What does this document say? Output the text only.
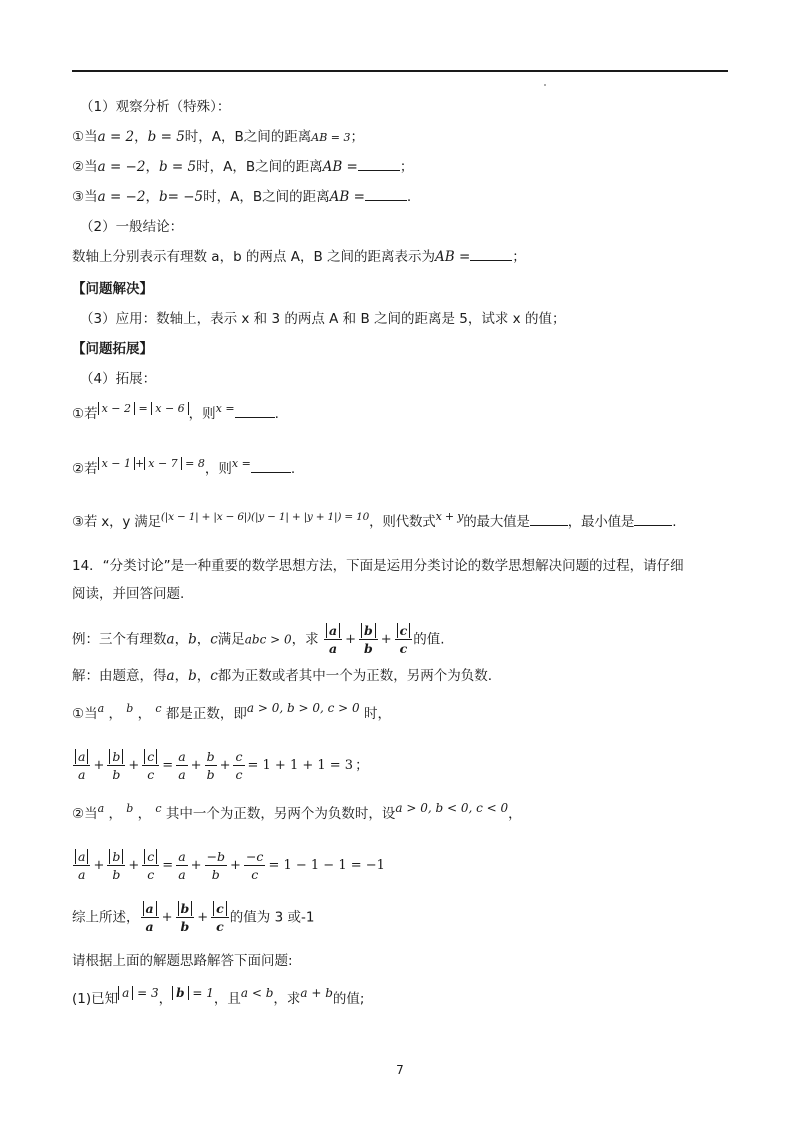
（1）观察分析（特殊）：
①当a = 2，b = 5时，A，B之间的距离AB = 3；
②当a = −2，b = 5时，A，B之间的距离AB =	；
③当a = −2，b= −5时，A，B之间的距离AB =	.
（2）一般结论：
数轴上分别表示有理数 a，b 的两点 A，B 之间的距离表示为AB =	；
【问题解决】
（3）应用：数轴上，表示 x 和 3 的两点 A 和 B 之间的距离是 5，试求 x 的值；
【问题拓展】
（4）拓展：
①若 $^{x - 2 = x - 6}$ ，则$^{x =}$	.
②若 $^{x - 1 + x - 7 = 8}$，则$^{x =}$	.
③若 x，y 满足$^{(|x - 1| + |x - 6|)(|y - 1| + |y + 1|) = 10}$，则代数式$^{x + y}$的最大值是	，最小值是	.
14．“分类讨论”是一种重要的数学思想方法，下面是运用分类讨论的数学思想解决问题的过程，请仔细
阅读，并回答问题.
例：三个有理数a，b，c满足abc > 0，求 $\frac{a}{a} + \frac{b}{b} + \frac{c}{c}$ 的值.
解：由题意，得a，b，c都为正数或者其中一个为正数，另两个为负数.
①当$^a$ ， $^b$ ， $^c$ 都是正数，即a > 0, b > 0, c > 0 时，
$\frac{a}{a} + \frac{b}{b} + \frac{c}{c} = \frac{a}{a} + \frac{b}{b} + \frac{c}{c} = 1 + 1 + 1 = 3$ ；
②当$^a$ ， $^b$ ， $^c$ 其中一个为正数，另两个为负数时，设a > 0, b < 0, c < 0，
$\frac{a}{a} + \frac{b}{b} + \frac{c}{c} = \frac{a}{a} + \frac{-b}{b} + \frac{-c}{c} = 1 - 1 - 1 = -1$
综上所述， $\frac{a}{a} + \frac{b}{b} + \frac{c}{c}$ 的值为 3 或-1
请根据上面的解题思路解答下面问题:
(1)已知 a = 3， b = 1，且a < b，求a + b的值;
7
